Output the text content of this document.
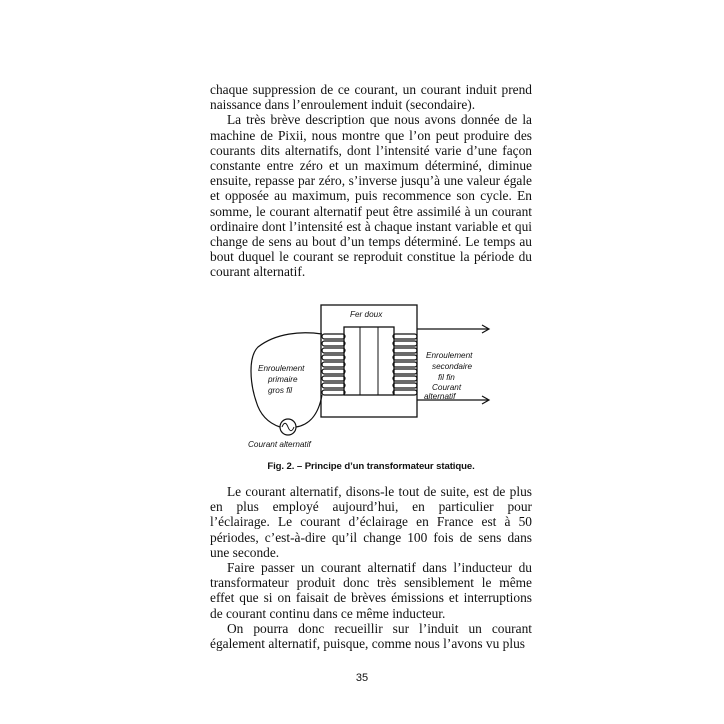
chaque suppression de ce courant, un courant induit prend naissance dans l’enroulement induit (secondaire).

La très brève description que nous avons donnée de la machine de Pixii, nous montre que l’on peut produire des courants dits alternatifs, dont l’intensité varie d’une façon constante entre zéro et un maximum déterminé, diminue ensuite, repasse par zéro, s’inverse jusqu’à une valeur égale et opposée au maximum, puis recommence son cycle. En somme, le courant alternatif peut être assimilé à un courant ordinaire dont l’intensité est à chaque instant variable et qui change de sens au bout d’un temps déterminé. Le temps au bout duquel le courant se reproduit constitue la période du courant alternatif.

Fer doux
Enroulement
primaire
gros fil
Enroulement
secondaire
fil fin
Courant
alternatif
Courant alternatif
Fig. 2. – Principe d’un transformateur statique.

Le courant alternatif, disons-le tout de suite, est de plus en plus employé aujourd’hui, en particulier pour l’éclairage. Le courant d’éclairage en France est à 50 périodes, c’est-à-dire qu’il change 100 fois de sens dans une seconde.

Faire passer un courant alternatif dans l’inducteur du transformateur produit donc très sensiblement le même effet que si on faisait de brèves émissions et interruptions de courant continu dans ce même inducteur.

On pourra donc recueillir sur l’induit un courant également alternatif, puisque, comme nous l’avons vu plus

35
